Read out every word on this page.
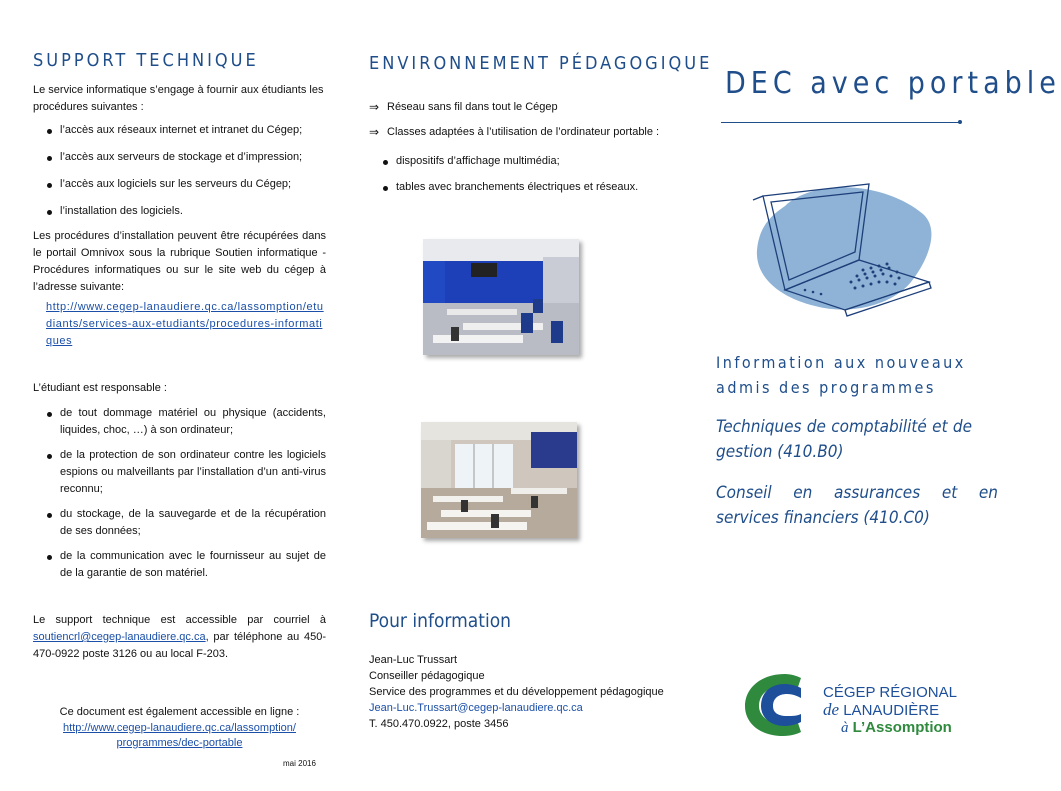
SUPPORT TECHNIQUE
Le service informatique s’engage à fournir aux étudiants les procédures suivantes :
l’accès aux réseaux internet et intranet du Cégep;
l’accès aux serveurs de stockage et d’impression;
l’accès aux logiciels sur les serveurs du Cégep;
l’installation des logiciels.
Les procédures d’installation peuvent être récupérées dans le portail Omnivox sous la rubrique Soutien informatique - Procédures informatiques ou sur le site web du cégep à l’adresse suivante:
http://www.cegep-lanaudiere.qc.ca/lassomption/etudiants/services-aux-etudiants/procedures-informatiques
L’étudiant est responsable :
de tout dommage matériel ou physique (accidents, liquides, choc, …) à son ordinateur;
de la protection de son ordinateur contre les logiciels espions ou malveillants par l’installation d’un anti-virus reconnu;
du stockage, de la sauvegarde et de la récupération de ses données;
de la communication avec le fournisseur au sujet de de la garantie de son matériel.
Le support technique est accessible par courriel à soutiencrl@cegep-lanaudiere.qc.ca, par téléphone au 450-470-0922 poste 3126 ou au local F-203.
Ce document est également accessible en ligne :
http://www.cegep-lanaudiere.qc.ca/lassomption/
programmes/dec-portable
mai 2016
ENVIRONNEMENT PÉDAGOGIQUE
⇒ Réseau sans fil dans tout le Cégep
⇒ Classes adaptées à l’utilisation de l’ordinateur portable :
dispositifs d’affichage multimédia;
tables avec branchements électriques et réseaux.
Pour information
Jean-Luc Trussart
Conseiller pédagogique
Service des programmes et du développement pédagogique
Jean-Luc.Trussart@cegep-lanaudiere.qc.ca
T. 450.470.0922, poste 3456
DEC avec portable
Information aux nouveaux admis des programmes
Techniques de comptabilité et de gestion (410.B0)
Conseil en assurances et en services financiers (410.C0)
CÉGEP RÉGIONAL
de LANAUDIÈRE
à L’Assomption
